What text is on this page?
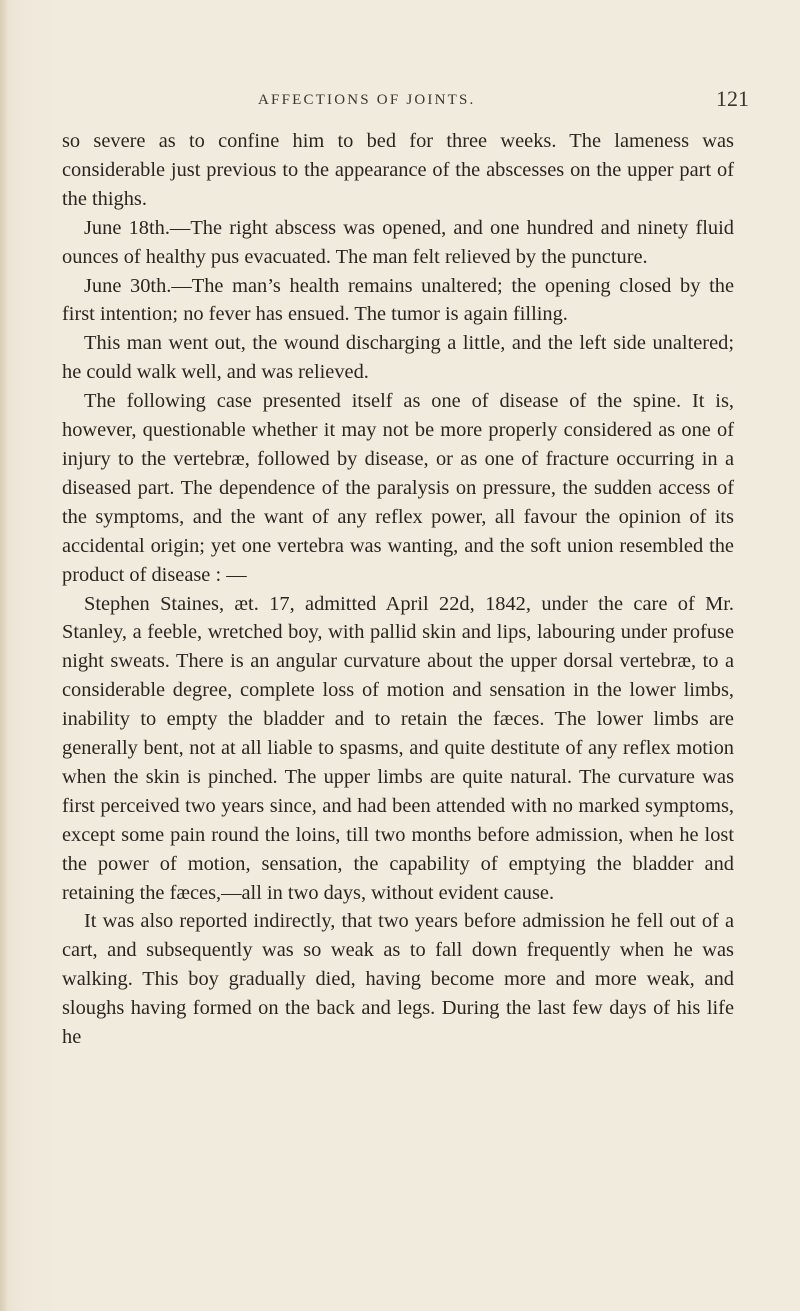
AFFECTIONS OF JOINTS.	121

so severe as to confine him to bed for three weeks. The lameness was considerable just previous to the appearance of the abscesses on the upper part of the thighs.

June 18th.—The right abscess was opened, and one hundred and ninety fluid ounces of healthy pus evacuated. The man felt relieved by the puncture.

June 30th.—The man’s health remains unaltered; the opening closed by the first intention; no fever has ensued. The tumor is again filling.

This man went out, the wound discharging a little, and the left side unaltered; he could walk well, and was relieved.

The following case presented itself as one of disease of the spine. It is, however, questionable whether it may not be more properly considered as one of injury to the vertebræ, followed by disease, or as one of fracture occurring in a diseased part. The dependence of the paralysis on pressure, the sudden access of the symptoms, and the want of any reflex power, all favour the opinion of its accidental origin; yet one vertebra was wanting, and the soft union resembled the product of disease : —

Stephen Staines, æt. 17, admitted April 22d, 1842, under the care of Mr. Stanley, a feeble, wretched boy, with pallid skin and lips, labouring under profuse night sweats. There is an angular curvature about the upper dorsal vertebræ, to a considerable degree, complete loss of motion and sensation in the lower limbs, inability to empty the bladder and to retain the fæces. The lower limbs are generally bent, not at all liable to spasms, and quite destitute of any reflex motion when the skin is pinched. The upper limbs are quite natural. The curvature was first perceived two years since, and had been attended with no marked symptoms, except some pain round the loins, till two months before admission, when he lost the power of motion, sensation, the capability of emptying the bladder and retaining the fæces,—all in two days, without evident cause.

It was also reported indirectly, that two years before admission he fell out of a cart, and subsequently was so weak as to fall down frequently when he was walking. This boy gradually died, having become more and more weak, and sloughs having formed on the back and legs. During the last few days of his life he
